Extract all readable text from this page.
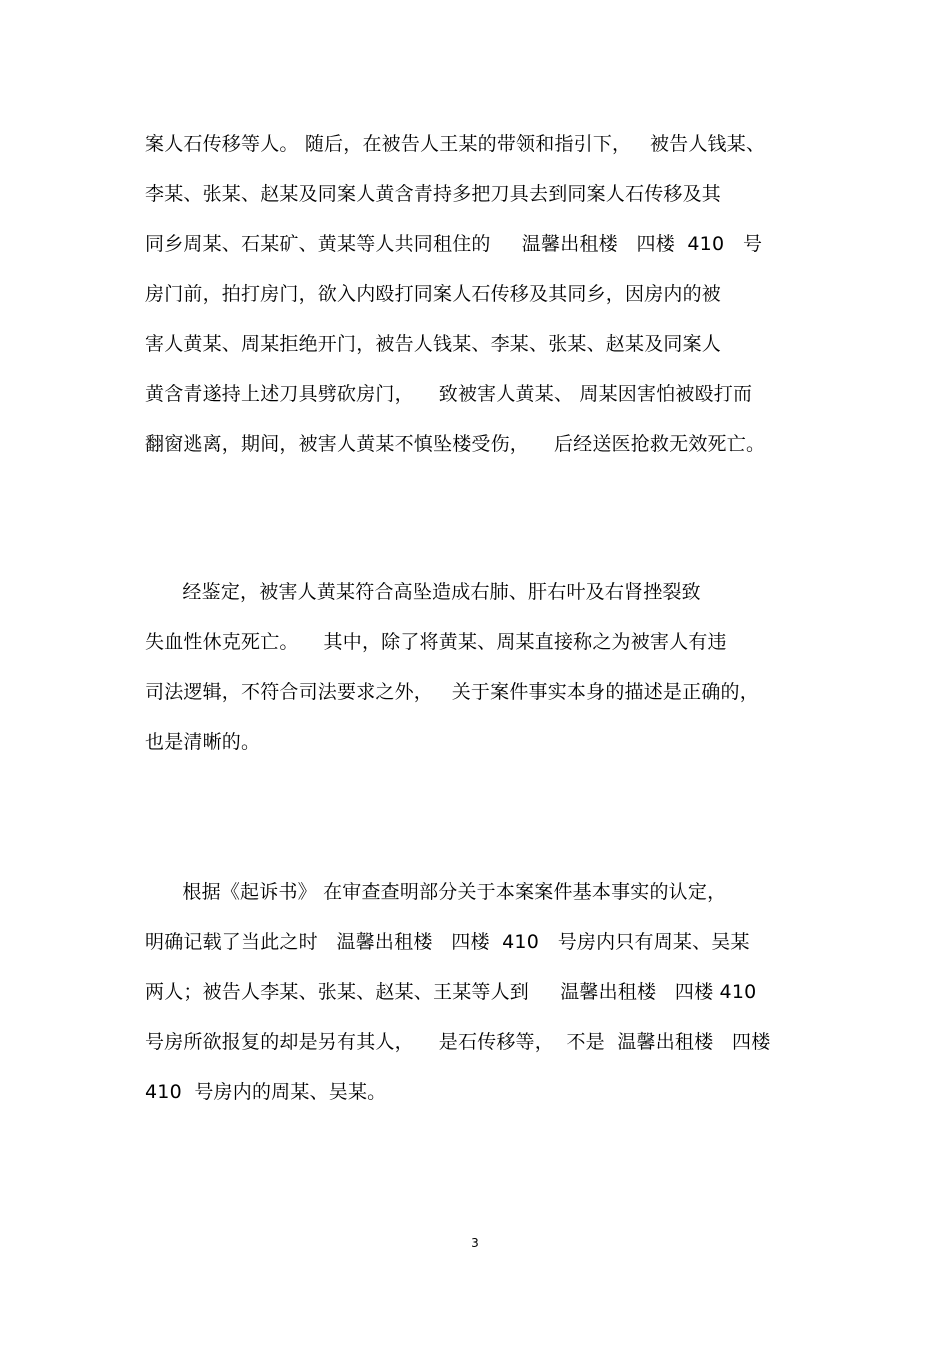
案人石传移等人。 随后，在被告人王某的带领和指引下，   被告人钱某、
李某、张某、赵某及同案人黄含青持多把刀具去到同案人石传移及其
同乡周某、石某矿、黄某等人共同租住的     温馨出租楼   四楼  410   号
房门前，拍打房门，欲入内殴打同案人石传移及其同乡，因房内的被
害人黄某、周某拒绝开门，被告人钱某、李某、张某、赵某及同案人
黄含青遂持上述刀具劈砍房门，    致被害人黄某、 周某因害怕被殴打而
翻窗逃离，期间，被害人黄某不慎坠楼受伤，    后经送医抢救无效死亡。
经鉴定，被害人黄某符合高坠造成右肺、肝右叶及右肾挫裂致
失血性休克死亡。    其中，除了将黄某、周某直接称之为被害人有违
司法逻辑，不符合司法要求之外，   关于案件事实本身的描述是正确的，
也是清晰的。
根据《起诉书》 在审查查明部分关于本案案件基本事实的认定，
明确记载了当此之时   温馨出租楼   四楼  410   号房内只有周某、吴某
两人；被告人李某、张某、赵某、王某等人到     温馨出租楼   四楼 410
号房所欲报复的却是另有其人，    是石传移等，  不是  温馨出租楼   四楼
410  号房内的周某、吴某。
3
